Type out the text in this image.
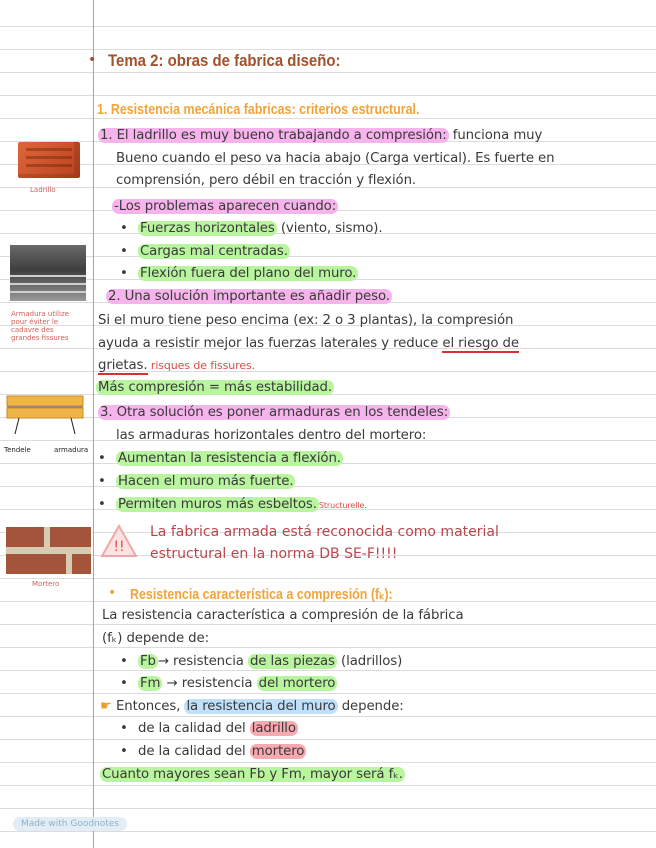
• Tema 2: obras de fabrica diseño:
1. Resistencia mecánica fabricas: criterios estructural.
1. El ladrillo es muy bueno trabajando a compresión: funciona muy
Bueno cuando el peso va hacia abajo (Carga vertical). Es fuerte en
comprensión, pero débil en tracción y flexión.
-Los problemas aparecen cuando:
• Fuerzas horizontales (viento, sismo).
• Cargas mal centradas.
• Flexión fuera del plano del muro.
2. Una solución importante es añadir peso.
Si el muro tiene peso encima (ex: 2 o 3 plantas), la compresión
ayuda a resistir mejor las fuerzas laterales y reduce el riesgo de
grietas. risques de fissures.
Más compresión = más estabilidad.
3. Otra solución es poner armaduras en los tendeles:
las armaduras horizontales dentro del mortero:
• Aumentan la resistencia a flexión.
• Hacen el muro más fuerte.
• Permiten muros más esbeltos. Structurelle.
!!
La fabrica armada está reconocida como material
estructural en la norma DB SE-F!!!!
• Resistencia característica a compresión (fₖ):
La resistencia característica a compresión de la fábrica
(fₖ) depende de:
• Fb → resistencia de las piezas (ladrillos)
• Fm → resistencia del mortero
☛ Entonces, la resistencia del muro depende:
• de la calidad del ladrillo
• de la calidad del mortero
Cuanto mayores sean Fb y Fm, mayor será fₖ.
Ladrillo
Armadura utilize pour éviter le cadavre des grandes fissures
Tendele	armadura
Mortero
Made with Goodnotes
